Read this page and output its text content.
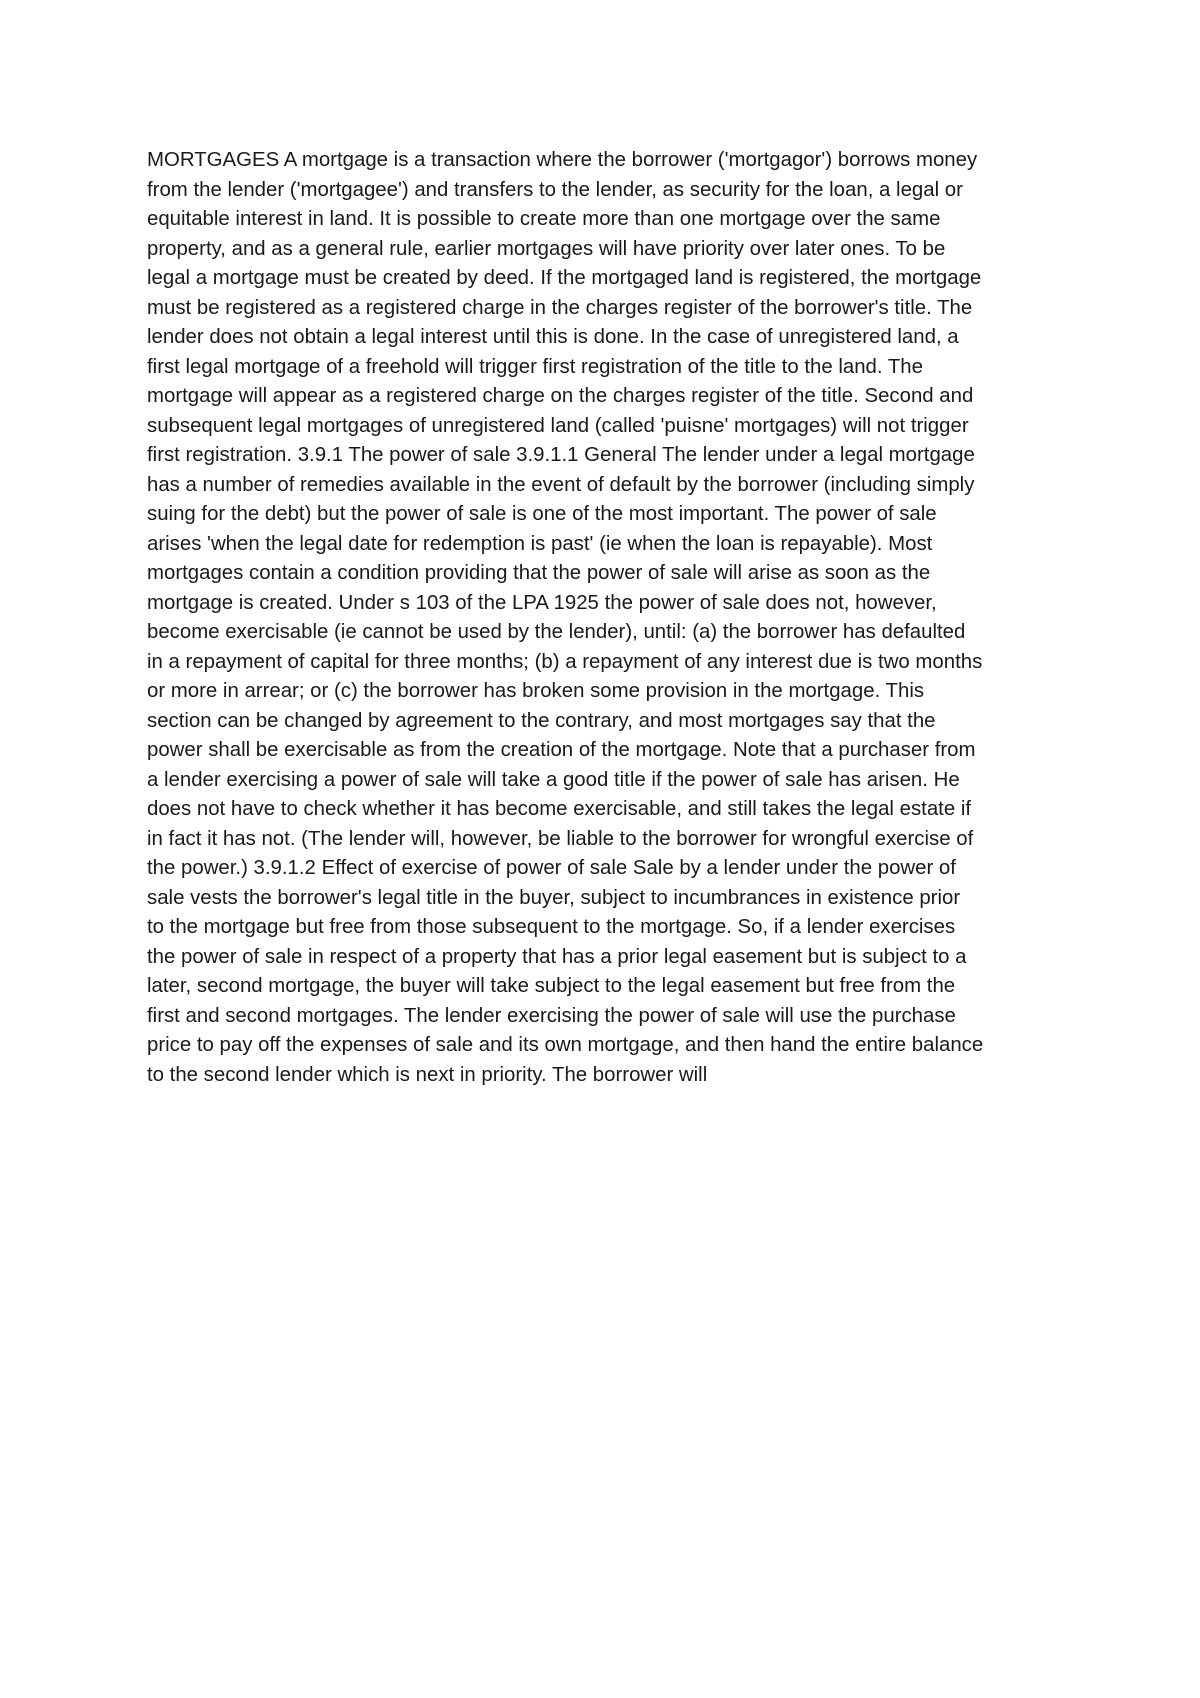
MORTGAGES A mortgage is a transaction where the borrower ('mortgagor') borrows money
from the lender ('mortgagee') and transfers to the lender, as security for the loan, a legal or
equitable interest in land. It is possible to create more than one mortgage over the same
property, and as a general rule, earlier mortgages will have priority over later ones. To be
legal a mortgage must be created by deed. If the mortgaged land is registered, the mortgage
must be registered as a registered charge in the charges register of the borrower's title. The
lender does not obtain a legal interest until this is done. In the case of unregistered land, a
first legal mortgage of a freehold will trigger first registration of the title to the land. The
mortgage will appear as a registered charge on the charges register of the title. Second and
subsequent legal mortgages of unregistered land (called 'puisne' mortgages) will not trigger
first registration. 3.9.1 The power of sale 3.9.1.1 General The lender under a legal mortgage
has a number of remedies available in the event of default by the borrower (including simply
suing for the debt) but the power of sale is one of the most important. The power of sale
arises 'when the legal date for redemption is past' (ie when the loan is repayable). Most
mortgages contain a condition providing that the power of sale will arise as soon as the
mortgage is created. Under s 103 of the LPA 1925 the power of sale does not, however,
become exercisable (ie cannot be used by the lender), until: (a) the borrower has defaulted
in a repayment of capital for three months; (b) a repayment of any interest due is two months
or more in arrear; or (c) the borrower has broken some provision in the mortgage. This
section can be changed by agreement to the contrary, and most mortgages say that the
power shall be exercisable as from the creation of the mortgage. Note that a purchaser from
a lender exercising a power of sale will take a good title if the power of sale has arisen. He
does not have to check whether it has become exercisable, and still takes the legal estate if
in fact it has not. (The lender will, however, be liable to the borrower for wrongful exercise of
the power.) 3.9.1.2 Effect of exercise of power of sale Sale by a lender under the power of
sale vests the borrower's legal title in the buyer, subject to incumbrances in existence prior
to the mortgage but free from those subsequent to the mortgage. So, if a lender exercises
the power of sale in respect of a property that has a prior legal easement but is subject to a
later, second mortgage, the buyer will take subject to the legal easement but free from the
first and second mortgages. The lender exercising the power of sale will use the purchase
price to pay off the expenses of sale and its own mortgage, and then hand the entire balance
to the second lender which is next in priority. The borrower will
